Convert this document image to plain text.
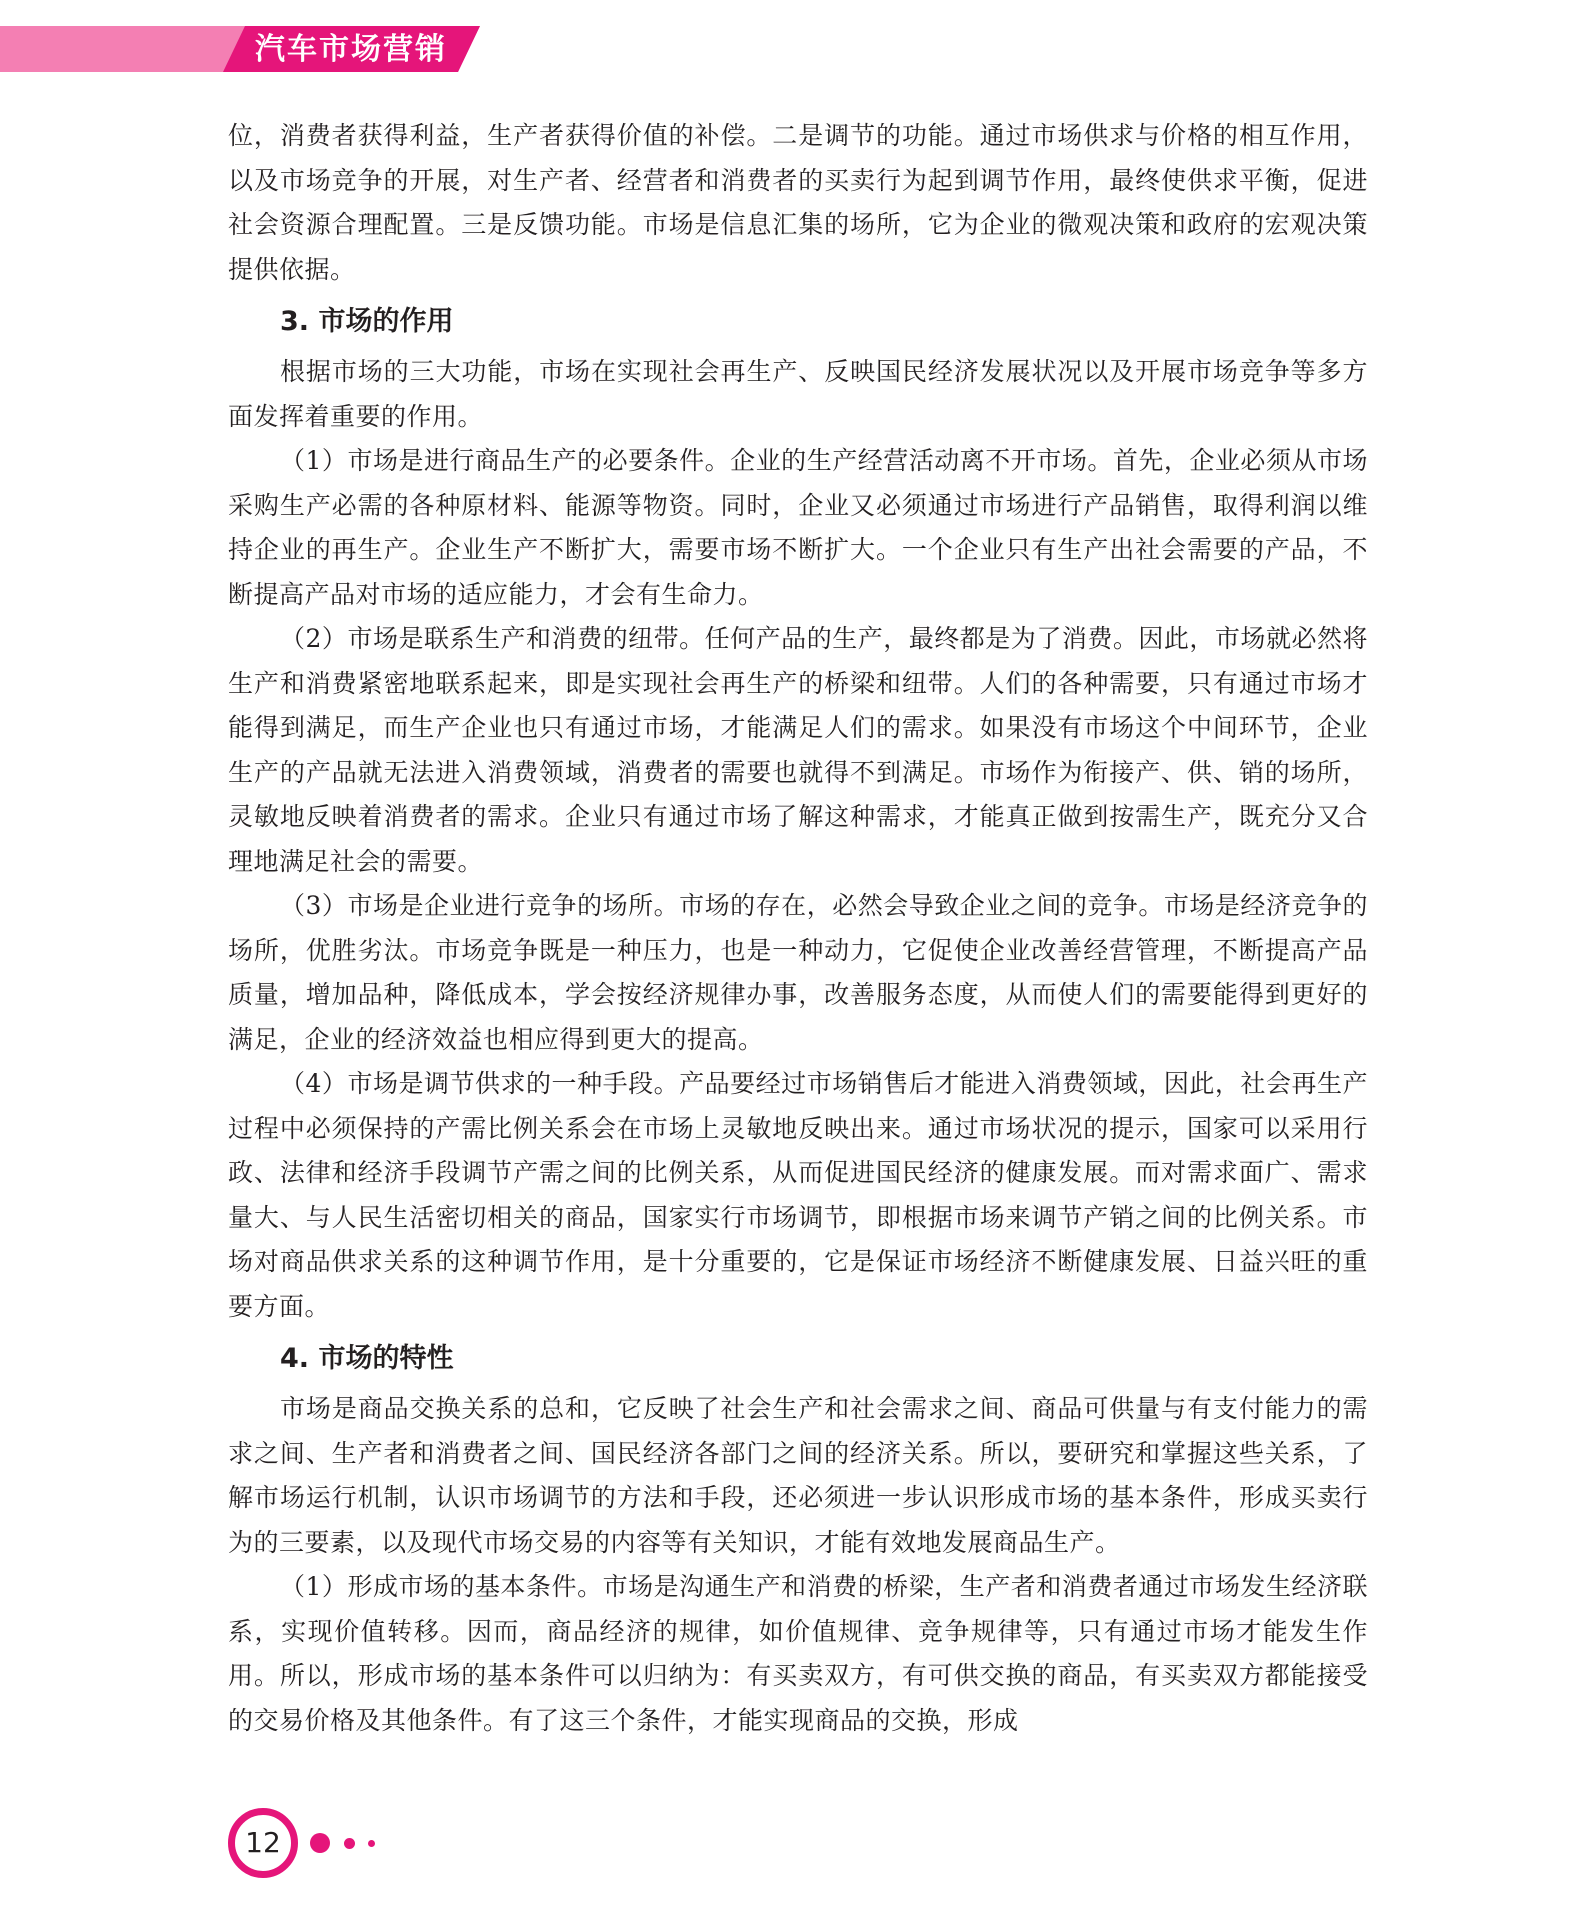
汽车市场营销

位，消费者获得利益，生产者获得价值的补偿。二是调节的功能。通过市场供求与价格的相互作用，以及市场竞争的开展，对生产者、经营者和消费者的买卖行为起到调节作用，最终使供求平衡，促进社会资源合理配置。三是反馈功能。市场是信息汇集的场所，它为企业的微观决策和政府的宏观决策提供依据。

3. 市场的作用

根据市场的三大功能，市场在实现社会再生产、反映国民经济发展状况以及开展市场竞争等多方面发挥着重要的作用。

（1）市场是进行商品生产的必要条件。企业的生产经营活动离不开市场。首先，企业必须从市场采购生产必需的各种原材料、能源等物资。同时，企业又必须通过市场进行产品销售，取得利润以维持企业的再生产。企业生产不断扩大，需要市场不断扩大。一个企业只有生产出社会需要的产品，不断提高产品对市场的适应能力，才会有生命力。

（2）市场是联系生产和消费的纽带。任何产品的生产，最终都是为了消费。因此，市场就必然将生产和消费紧密地联系起来，即是实现社会再生产的桥梁和纽带。人们的各种需要，只有通过市场才能得到满足，而生产企业也只有通过市场，才能满足人们的需求。如果没有市场这个中间环节，企业生产的产品就无法进入消费领域，消费者的需要也就得不到满足。市场作为衔接产、供、销的场所，灵敏地反映着消费者的需求。企业只有通过市场了解这种需求，才能真正做到按需生产，既充分又合理地满足社会的需要。

（3）市场是企业进行竞争的场所。市场的存在，必然会导致企业之间的竞争。市场是经济竞争的场所，优胜劣汰。市场竞争既是一种压力，也是一种动力，它促使企业改善经营管理，不断提高产品质量，增加品种，降低成本，学会按经济规律办事，改善服务态度，从而使人们的需要能得到更好的满足，企业的经济效益也相应得到更大的提高。

（4）市场是调节供求的一种手段。产品要经过市场销售后才能进入消费领域，因此，社会再生产过程中必须保持的产需比例关系会在市场上灵敏地反映出来。通过市场状况的提示，国家可以采用行政、法律和经济手段调节产需之间的比例关系，从而促进国民经济的健康发展。而对需求面广、需求量大、与人民生活密切相关的商品，国家实行市场调节，即根据市场来调节产销之间的比例关系。市场对商品供求关系的这种调节作用，是十分重要的，它是保证市场经济不断健康发展、日益兴旺的重要方面。

4. 市场的特性

市场是商品交换关系的总和，它反映了社会生产和社会需求之间、商品可供量与有支付能力的需求之间、生产者和消费者之间、国民经济各部门之间的经济关系。所以，要研究和掌握这些关系，了解市场运行机制，认识市场调节的方法和手段，还必须进一步认识形成市场的基本条件，形成买卖行为的三要素，以及现代市场交易的内容等有关知识，才能有效地发展商品生产。

（1）形成市场的基本条件。市场是沟通生产和消费的桥梁，生产者和消费者通过市场发生经济联系，实现价值转移。因而，商品经济的规律，如价值规律、竞争规律等，只有通过市场才能发生作用。所以，形成市场的基本条件可以归纳为：有买卖双方，有可供交换的商品，有买卖双方都能接受的交易价格及其他条件。有了这三个条件，才能实现商品的交换，形成

12
